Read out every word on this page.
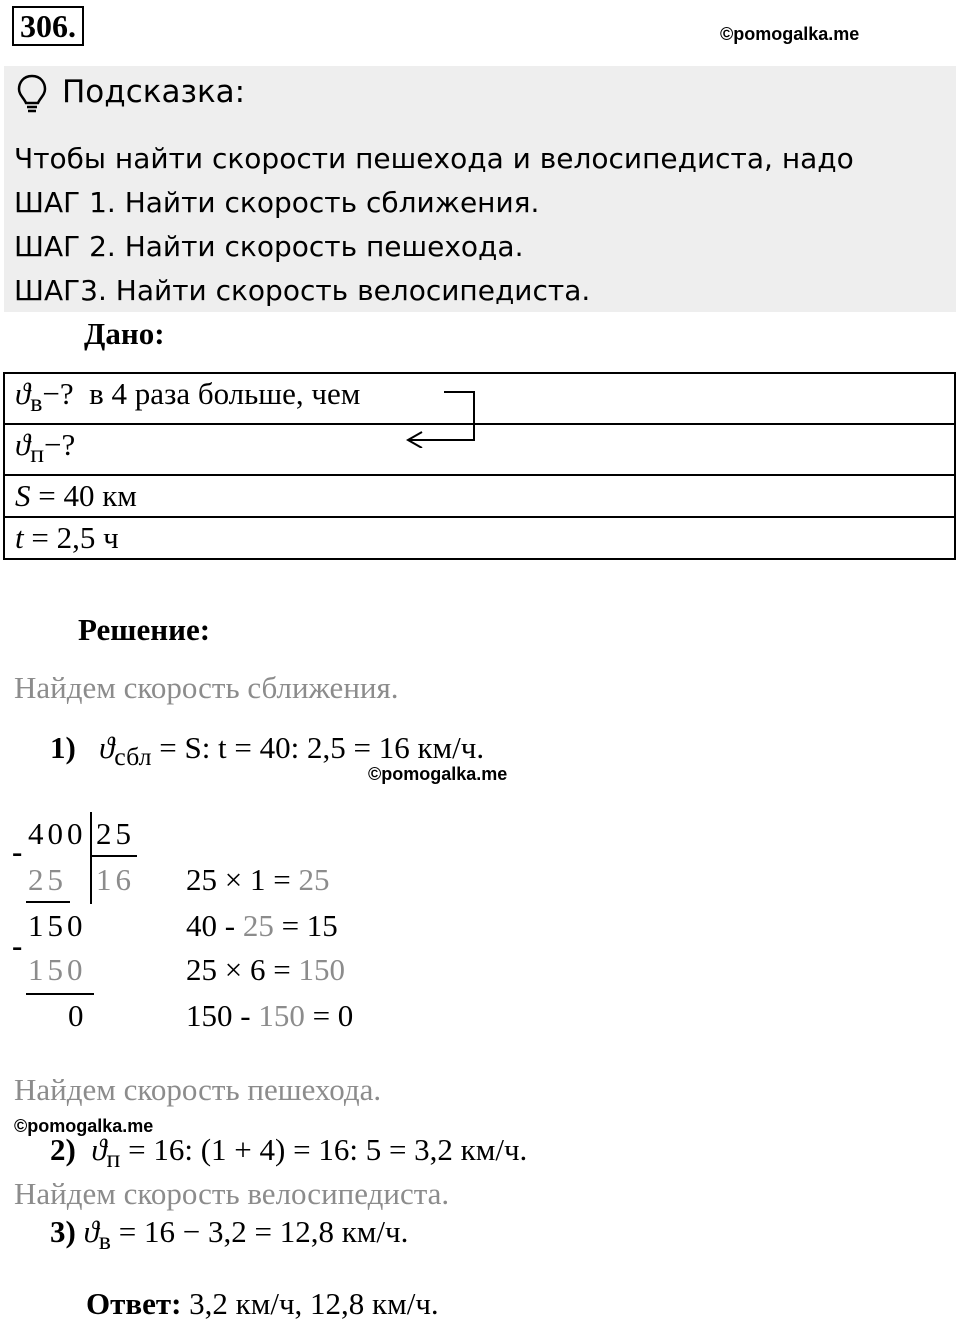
306.	©pomogalka.me
Подсказка:
Чтобы найти скорости пешехода и велосипедиста, надо
ШАГ 1. Найти скорость сближения.
ШАГ 2. Найти скорость пешехода.
ШАГ3. Найти скорость велосипедиста.
Дано:
$ϑ_в-$? в 4 раза больше, чем
$ϑ_п-$?
S = 40 км
t = 2,5 ч
Решение:
Найдем скорость сближения.
1) $ϑ_{сбл} = S$: t = 40: 2,5 = 16 км/ч.
©pomogalka.me
400 25
16
-
25
150
-
150
0
25 × 1 = 25
40 - 25 = 15
25 × 6 = 150
150 - 150 = 0
Найдем скорость пешехода.
©pomogalka.me
2) $ϑ_п = 16$: (1 + 4) = 16: 5 = 3,2 км/ч.
Найдем скорость велосипедиста.
3) $ϑ_в = 16 - 3,2 = 12,8$ км/ч.
Ответ: 3,2 км/ч, 12,8 км/ч.
